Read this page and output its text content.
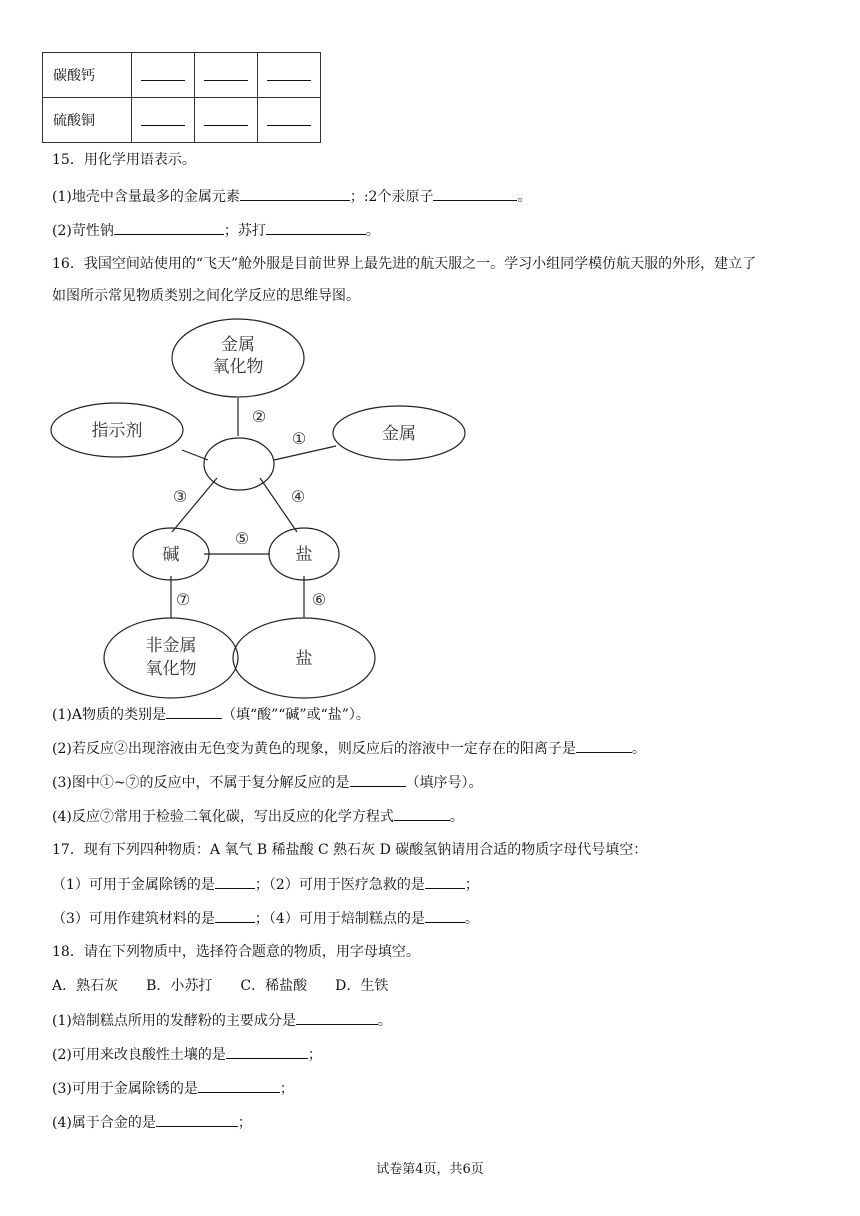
碳酸钙			
硫酸铜			
15．用化学用语表示。
(1)地壳中含量最多的金属元素	；:2个汞原子	。
(2)苛性钠	；苏打	。
16．我国空间站使用的“飞天”舱外服是目前世界上最先进的航天服之一。学习小组同学模仿航天服的外形，建立了
如图所示常见物质类别之间化学反应的思维导图。
金属
氧化物
指示剂	金属
碱	盐
非金属
氧化物	盐
①
②
③	④
⑤
⑥
⑦
(1)A物质的类别是	（填“酸”“碱”或“盐”）。
(2)若反应②出现溶液由无色变为黄色的现象，则反应后的溶液中一定存在的阳离子是	。
(3)图中①~⑦的反应中，不属于复分解反应的是	（填序号）。
(4)反应⑦常用于检验二氧化碳，写出反应的化学方程式	。
17．现有下列四种物质：A 氧气 B 稀盐酸 C 熟石灰 D 碳酸氢钠请用合适的物质字母代号填空：
（1）可用于金属除锈的是	；（2）可用于医疗急救的是	；
（3）可用作建筑材料的是	；（4）可用于焙制糕点的是	。
18．请在下列物质中，选择符合题意的物质，用字母填空。
A．熟石灰　　B．小苏打　　C．稀盐酸　　D．生铁
(1)焙制糕点所用的发酵粉的主要成分是	。
(2)可用来改良酸性土壤的是	；
(3)可用于金属除锈的是	；
(4)属于合金的是	；
试卷第4页，共6页
